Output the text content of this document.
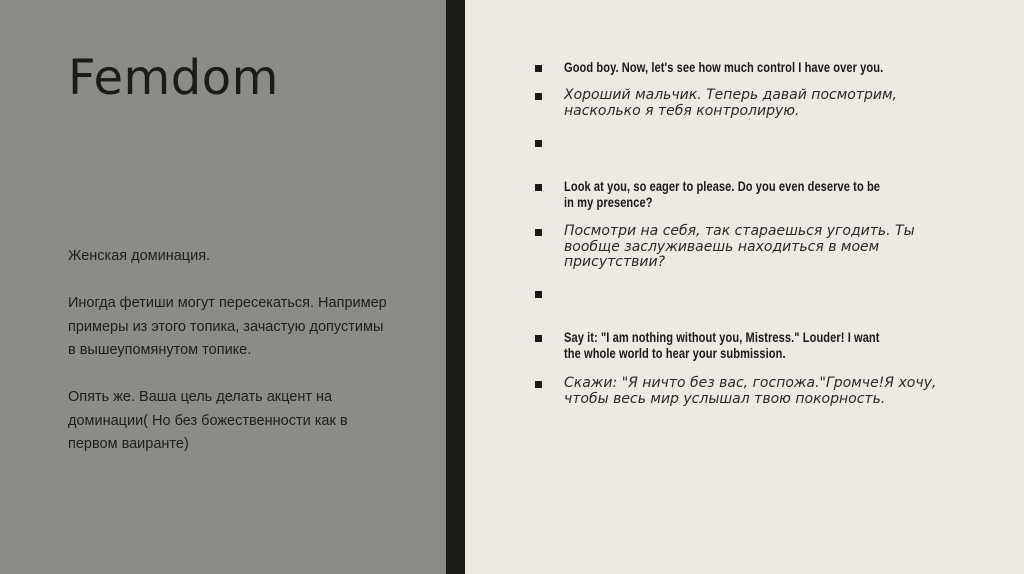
Femdom

Женская доминация.

Иногда фетиши могут пересекаться. Например примеры из этого топика, зачастую допустимы в вышеупомянутом топике.

Опять же. Ваша цель делать акцент на доминации( Но без божественности как в первом ваиранте)

Good boy. Now, let's see how much control I have over you.
Хороший мальчик. Теперь давай посмотрим, насколько я тебя контролирую.
Look at you, so eager to please. Do you even deserve to be in my presence?
Посмотри на себя, так стараешься угодить. Ты вообще заслуживаешь находиться в моем присутствии?
Say it: "I am nothing without you, Mistress." Louder! I want the whole world to hear your submission.
Скажи: "Я ничто без вас, госпожа."Громче!Я хочу, чтобы весь мир услышал твою покорность.
